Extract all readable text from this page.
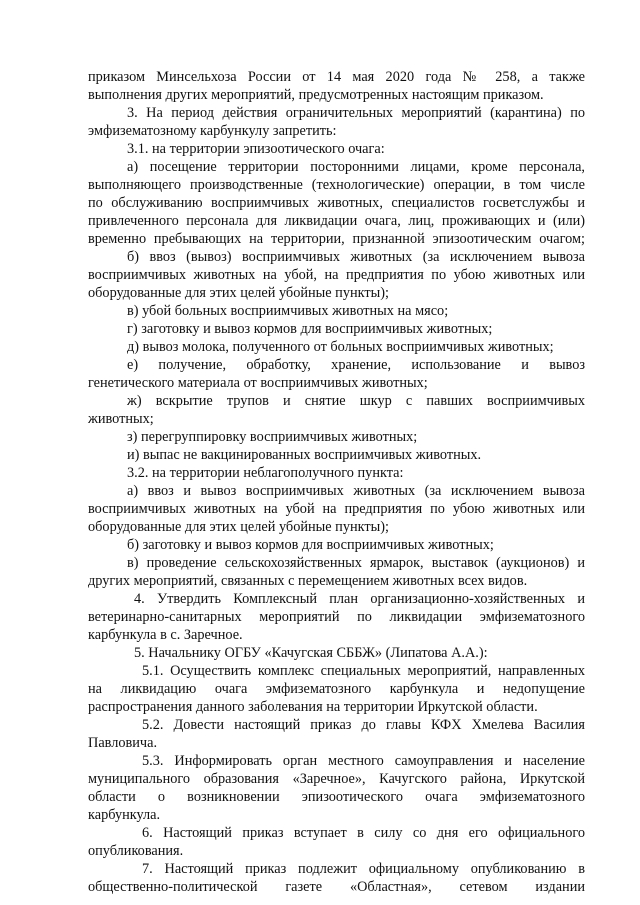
приказом Минсельхоза России от 14 мая 2020 года № 258, а также
выполнения других мероприятий, предусмотренных настоящим приказом.
3. На период действия ограничительных мероприятий (карантина) по
эмфизематозному карбункулу запретить:
3.1. на территории эпизоотического очага:
а) посещение территории посторонними лицами, кроме персонала,
выполняющего производственные (технологические) операции, в том числе
по обслуживанию восприимчивых животных, специалистов госветслужбы и
привлеченного персонала для ликвидации очага, лиц, проживающих и (или)
временно пребывающих на территории, признанной эпизоотическим очагом;
б) ввоз (вывоз) восприимчивых животных (за исключением вывоза
восприимчивых животных на убой, на предприятия по убою животных или
оборудованные для этих целей убойные пункты);
в) убой больных восприимчивых животных на мясо;
г) заготовку и вывоз кормов для восприимчивых животных;
д) вывоз молока, полученного от больных восприимчивых животных;
е) получение, обработку, хранение, использование и вывоз
генетического материала от восприимчивых животных;
ж) вскрытие трупов и снятие шкур с павших восприимчивых
животных;
з) перегруппировку восприимчивых животных;
и) выпас не вакцинированных восприимчивых животных.
3.2. на территории неблагополучного пункта:
а) ввоз и вывоз восприимчивых животных (за исключением вывоза
восприимчивых животных на убой на предприятия по убою животных или
оборудованные для этих целей убойные пункты);
б) заготовку и вывоз кормов для восприимчивых животных;
в) проведение сельскохозяйственных ярмарок, выставок (аукционов) и
других мероприятий, связанных с перемещением животных всех видов.
4. Утвердить Комплексный план организационно-хозяйственных и
ветеринарно-санитарных мероприятий по ликвидации эмфизематозного
карбункула в с. Заречное.
5. Начальнику ОГБУ «Качугская СББЖ» (Липатова А.А.):
5.1. Осуществить комплекс специальных мероприятий, направленных
на ликвидацию очага эмфизематозного карбункула и недопущение
распространения данного заболевания на территории Иркутской области.
5.2. Довести настоящий приказ до главы КФХ Хмелева Василия
Павловича.
5.3. Информировать орган местного самоуправления и население
муниципального образования «Заречное», Качугского района, Иркутской
области о возникновении эпизоотического очага эмфизематозного
карбункула.
6. Настоящий приказ вступает в силу со дня его официального
опубликования.
7. Настоящий приказ подлежит официальному опубликованию в
общественно-политической газете «Областная», сетевом издании
